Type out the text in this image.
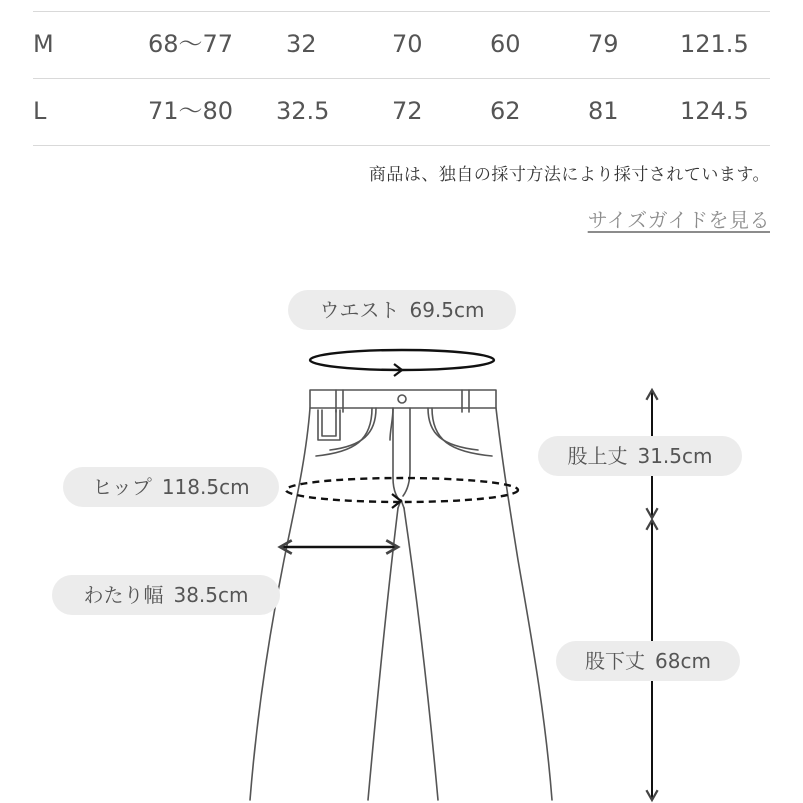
M	68〜77 32	70	60	79	121.5
L	71〜80 32.5	72	62	81	124.5
商品は、独自の採寸方法により採寸されています。
サイズガイドを見る
ウエスト 69.5cm
股上丈 31.5cm
ヒップ 118.5cm
わたり幅 38.5cm
股下丈 68cm
